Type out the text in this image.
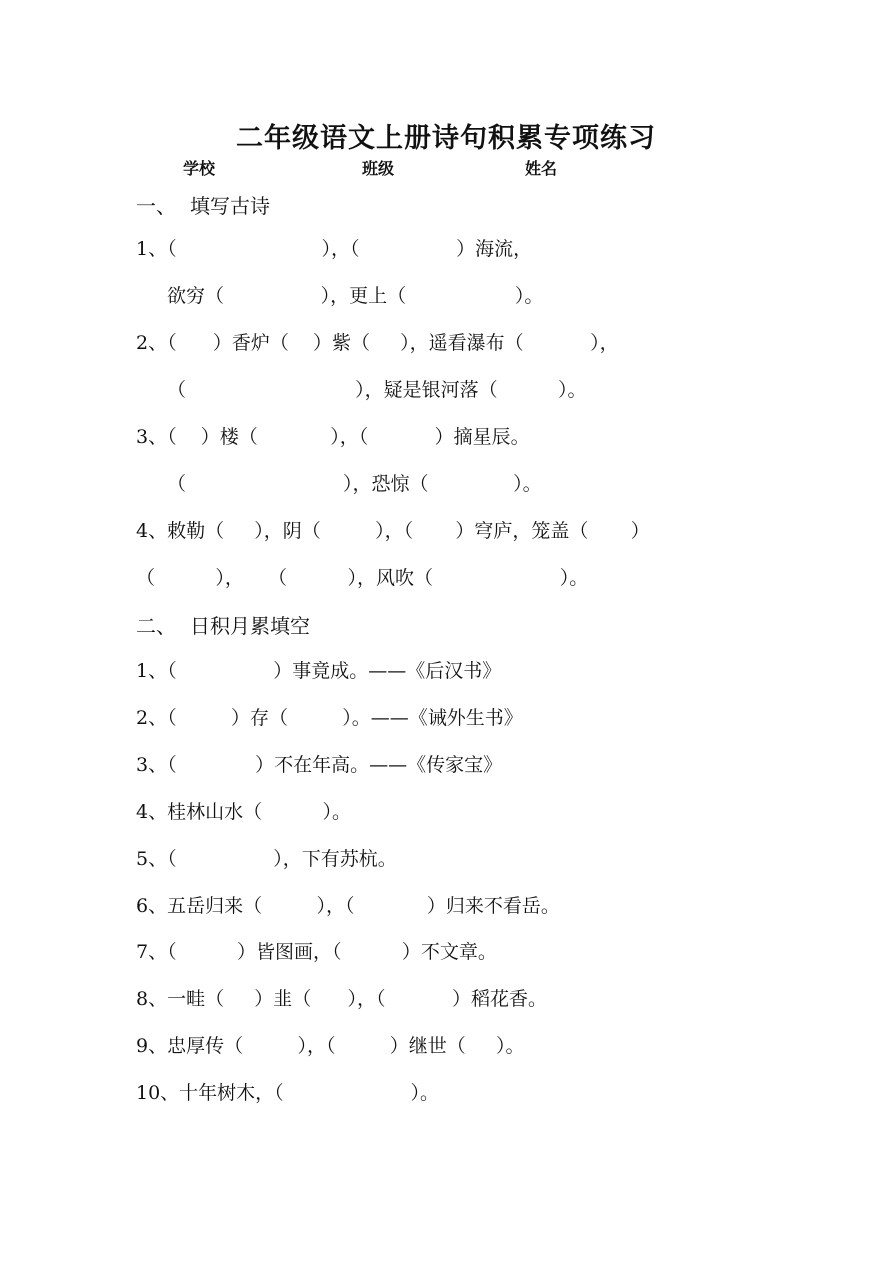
二年级语文上册诗句积累专项练习
学校	班级	姓名
一、 填写古诗
1、（                        ），（                ）海流，
欲穷（                ），更上（                  ）。
2、（      ）香炉（    ）紫（     ），遥看瀑布（           ），
（                            ），疑是银河落（          ）。
3、（    ）楼（            ），（           ）摘星辰。
（                          ），恐惊（              ）。
4、敕勒（     ），阴（         ），（       ）穹庐，笼盖（       ）
（          ），    （          ），风吹（                     ）。
二、 日积月累填空
1、（                ）事竟成。——《后汉书》
2、（         ）存（         ）。——《诫外生书》
3、（             ）不在年高。——《传家宝》
4、桂林山水（          ）。
5、（                ），下有苏杭。
6、五岳归来（         ），（            ）归来不看岳。
7、（          ）皆图画，（          ）不文章。
8、一畦（     ）韭（      ），（           ）稻花香。
9、忠厚传（         ），（         ）继世（     ）。
10、十年树木，（                     ）。
